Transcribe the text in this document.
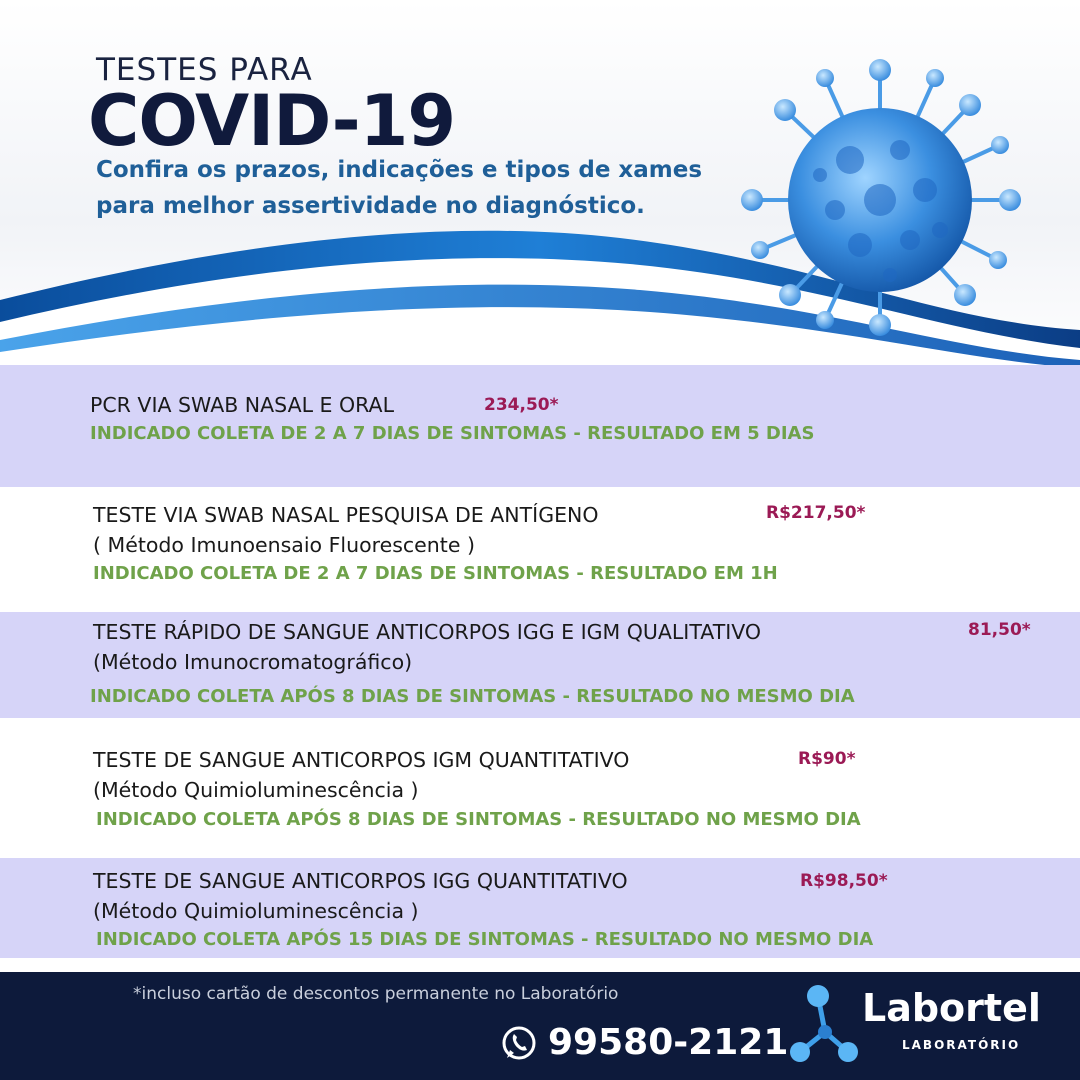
TESTES PARA
COVID-19
Confira os prazos, indicações e tipos de xames
para melhor assertividade no diagnóstico.
PCR VIA SWAB NASAL E ORAL	234,50*
INDICADO COLETA DE 2 A 7 DIAS DE SINTOMAS - RESULTADO EM 5 DIAS
TESTE VIA SWAB NASAL PESQUISA DE ANTÍGENO	R$217,50*
( Método Imunoensaio Fluorescente )
INDICADO COLETA DE 2 A 7 DIAS DE SINTOMAS - RESULTADO EM 1H
TESTE RÁPIDO DE SANGUE ANTICORPOS IGG E IGM QUALITATIVO	81,50*
(Método Imunocromatográfico)
INDICADO COLETA APÓS 8 DIAS DE SINTOMAS - RESULTADO NO MESMO DIA
TESTE DE SANGUE ANTICORPOS IGM QUANTITATIVO	R$90*
(Método Quimioluminescência )
INDICADO COLETA APÓS 8 DIAS DE SINTOMAS - RESULTADO NO MESMO DIA
TESTE DE SANGUE ANTICORPOS IGG QUANTITATIVO	R$98,50*
(Método Quimioluminescência )
INDICADO COLETA APÓS 15 DIAS DE SINTOMAS - RESULTADO NO MESMO DIA
*incluso cartão de descontos permanente no Laboratório
99580-2121
Labortel
LABORATÓRIO
